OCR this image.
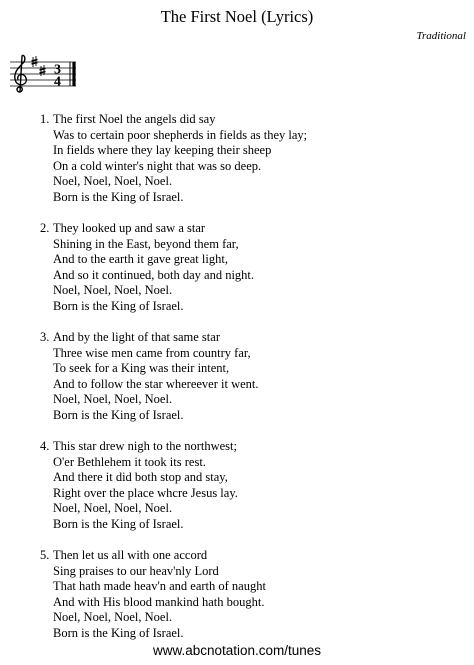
The First Noel (Lyrics)
Traditional
3
4
1. The first Noel the angels did say
Was to certain poor shepherds in fields as they lay;
In fields where they lay keeping their sheep
On a cold winter's night that was so deep.
Noel, Noel, Noel, Noel.
Born is the King of Israel.
2. They looked up and saw a star
Shining in the East, beyond them far,
And to the earth it gave great light,
And so it continued, both day and night.
Noel, Noel, Noel, Noel.
Born is the King of Israel.
3. And by the light of that same star
Three wise men came from country far,
To seek for a King was their intent,
And to follow the star whereever it went.
Noel, Noel, Noel, Noel.
Born is the King of Israel.
4. This star drew nigh to the northwest;
O'er Bethlehem it took its rest.
And there it did both stop and stay,
Right over the place whcre Jesus lay.
Noel, Noel, Noel, Noel.
Born is the King of Israel.
5. Then let us all with one accord
Sing praises to our heav'nly Lord
That hath made heav'n and earth of naught
And with His blood mankind hath bought.
Noel, Noel, Noel, Noel.
Born is the King of Israel.
www.abcnotation.com/tunes
